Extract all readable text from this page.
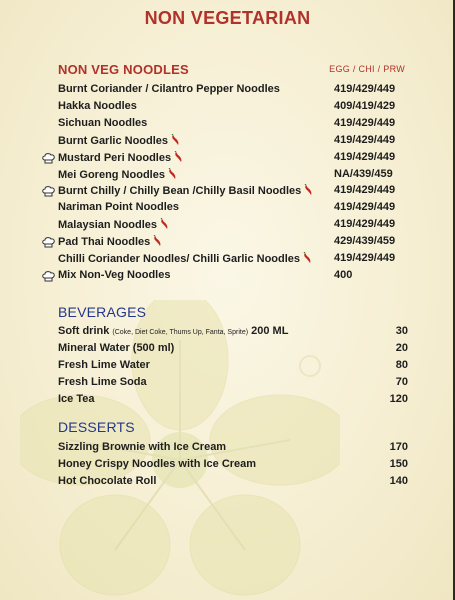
NON VEGETARIAN
NON VEG NOODLES	EGG / CHI / PRW
Burnt Coriander / Cilantro Pepper Noodles	419/429/449
Hakka Noodles	409/419/429
Sichuan Noodles	419/429/449
Burnt Garlic Noodles	419/429/449
Mustard Peri Noodles	419/429/449
Mei Goreng Noodles	NA/439/459
Burnt Chilly / Chilly Bean /Chilly Basil Noodles	419/429/449
Nariman Point Noodles	419/429/449
Malaysian Noodles	419/429/449
Pad Thai Noodles	429/439/459
Chilli Coriander Noodles/ Chilli Garlic Noodles	419/429/449
Mix Non-Veg Noodles	400
BEVERAGES
Soft drink (Coke, Diet Coke, Thums Up, Fanta, Sprite) 200 ML	30
Mineral Water (500 ml)	20
Fresh Lime Water	80
Fresh Lime Soda	70
Ice Tea	120
DESSERTS
Sizzling Brownie with Ice Cream	170
Honey Crispy Noodles with Ice Cream	150
Hot Chocolate Roll	140
